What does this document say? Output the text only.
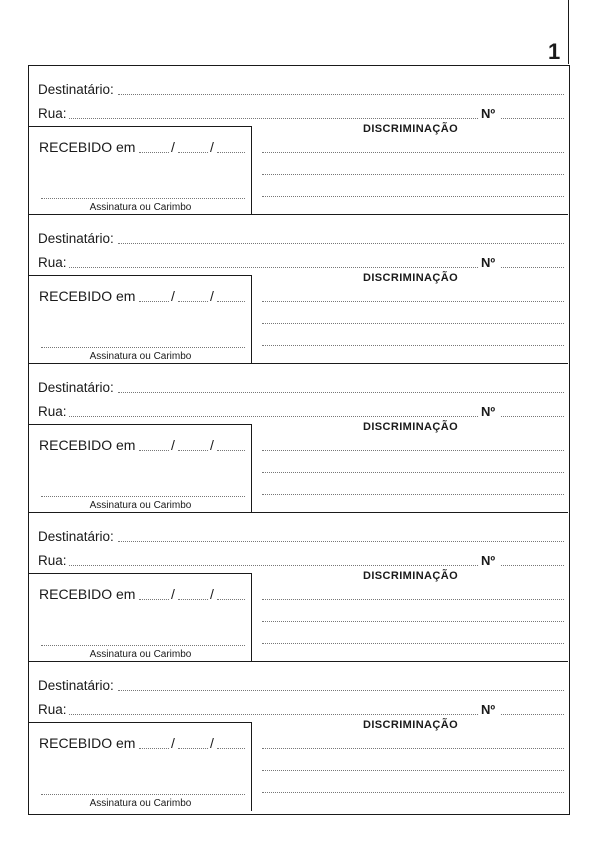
1
Destinatário:
Rua:	Nº
RECEBIDO em	/	/
Assinatura ou Carimbo
DISCRIMINAÇÃO
Destinatário:
Rua:	Nº
RECEBIDO em	/	/
Assinatura ou Carimbo
DISCRIMINAÇÃO
Destinatário:
Rua:	Nº
RECEBIDO em	/	/
Assinatura ou Carimbo
DISCRIMINAÇÃO
Destinatário:
Rua:	Nº
RECEBIDO em	/	/
Assinatura ou Carimbo
DISCRIMINAÇÃO
Destinatário:
Rua:	Nº
RECEBIDO em	/	/
Assinatura ou Carimbo
DISCRIMINAÇÃO
